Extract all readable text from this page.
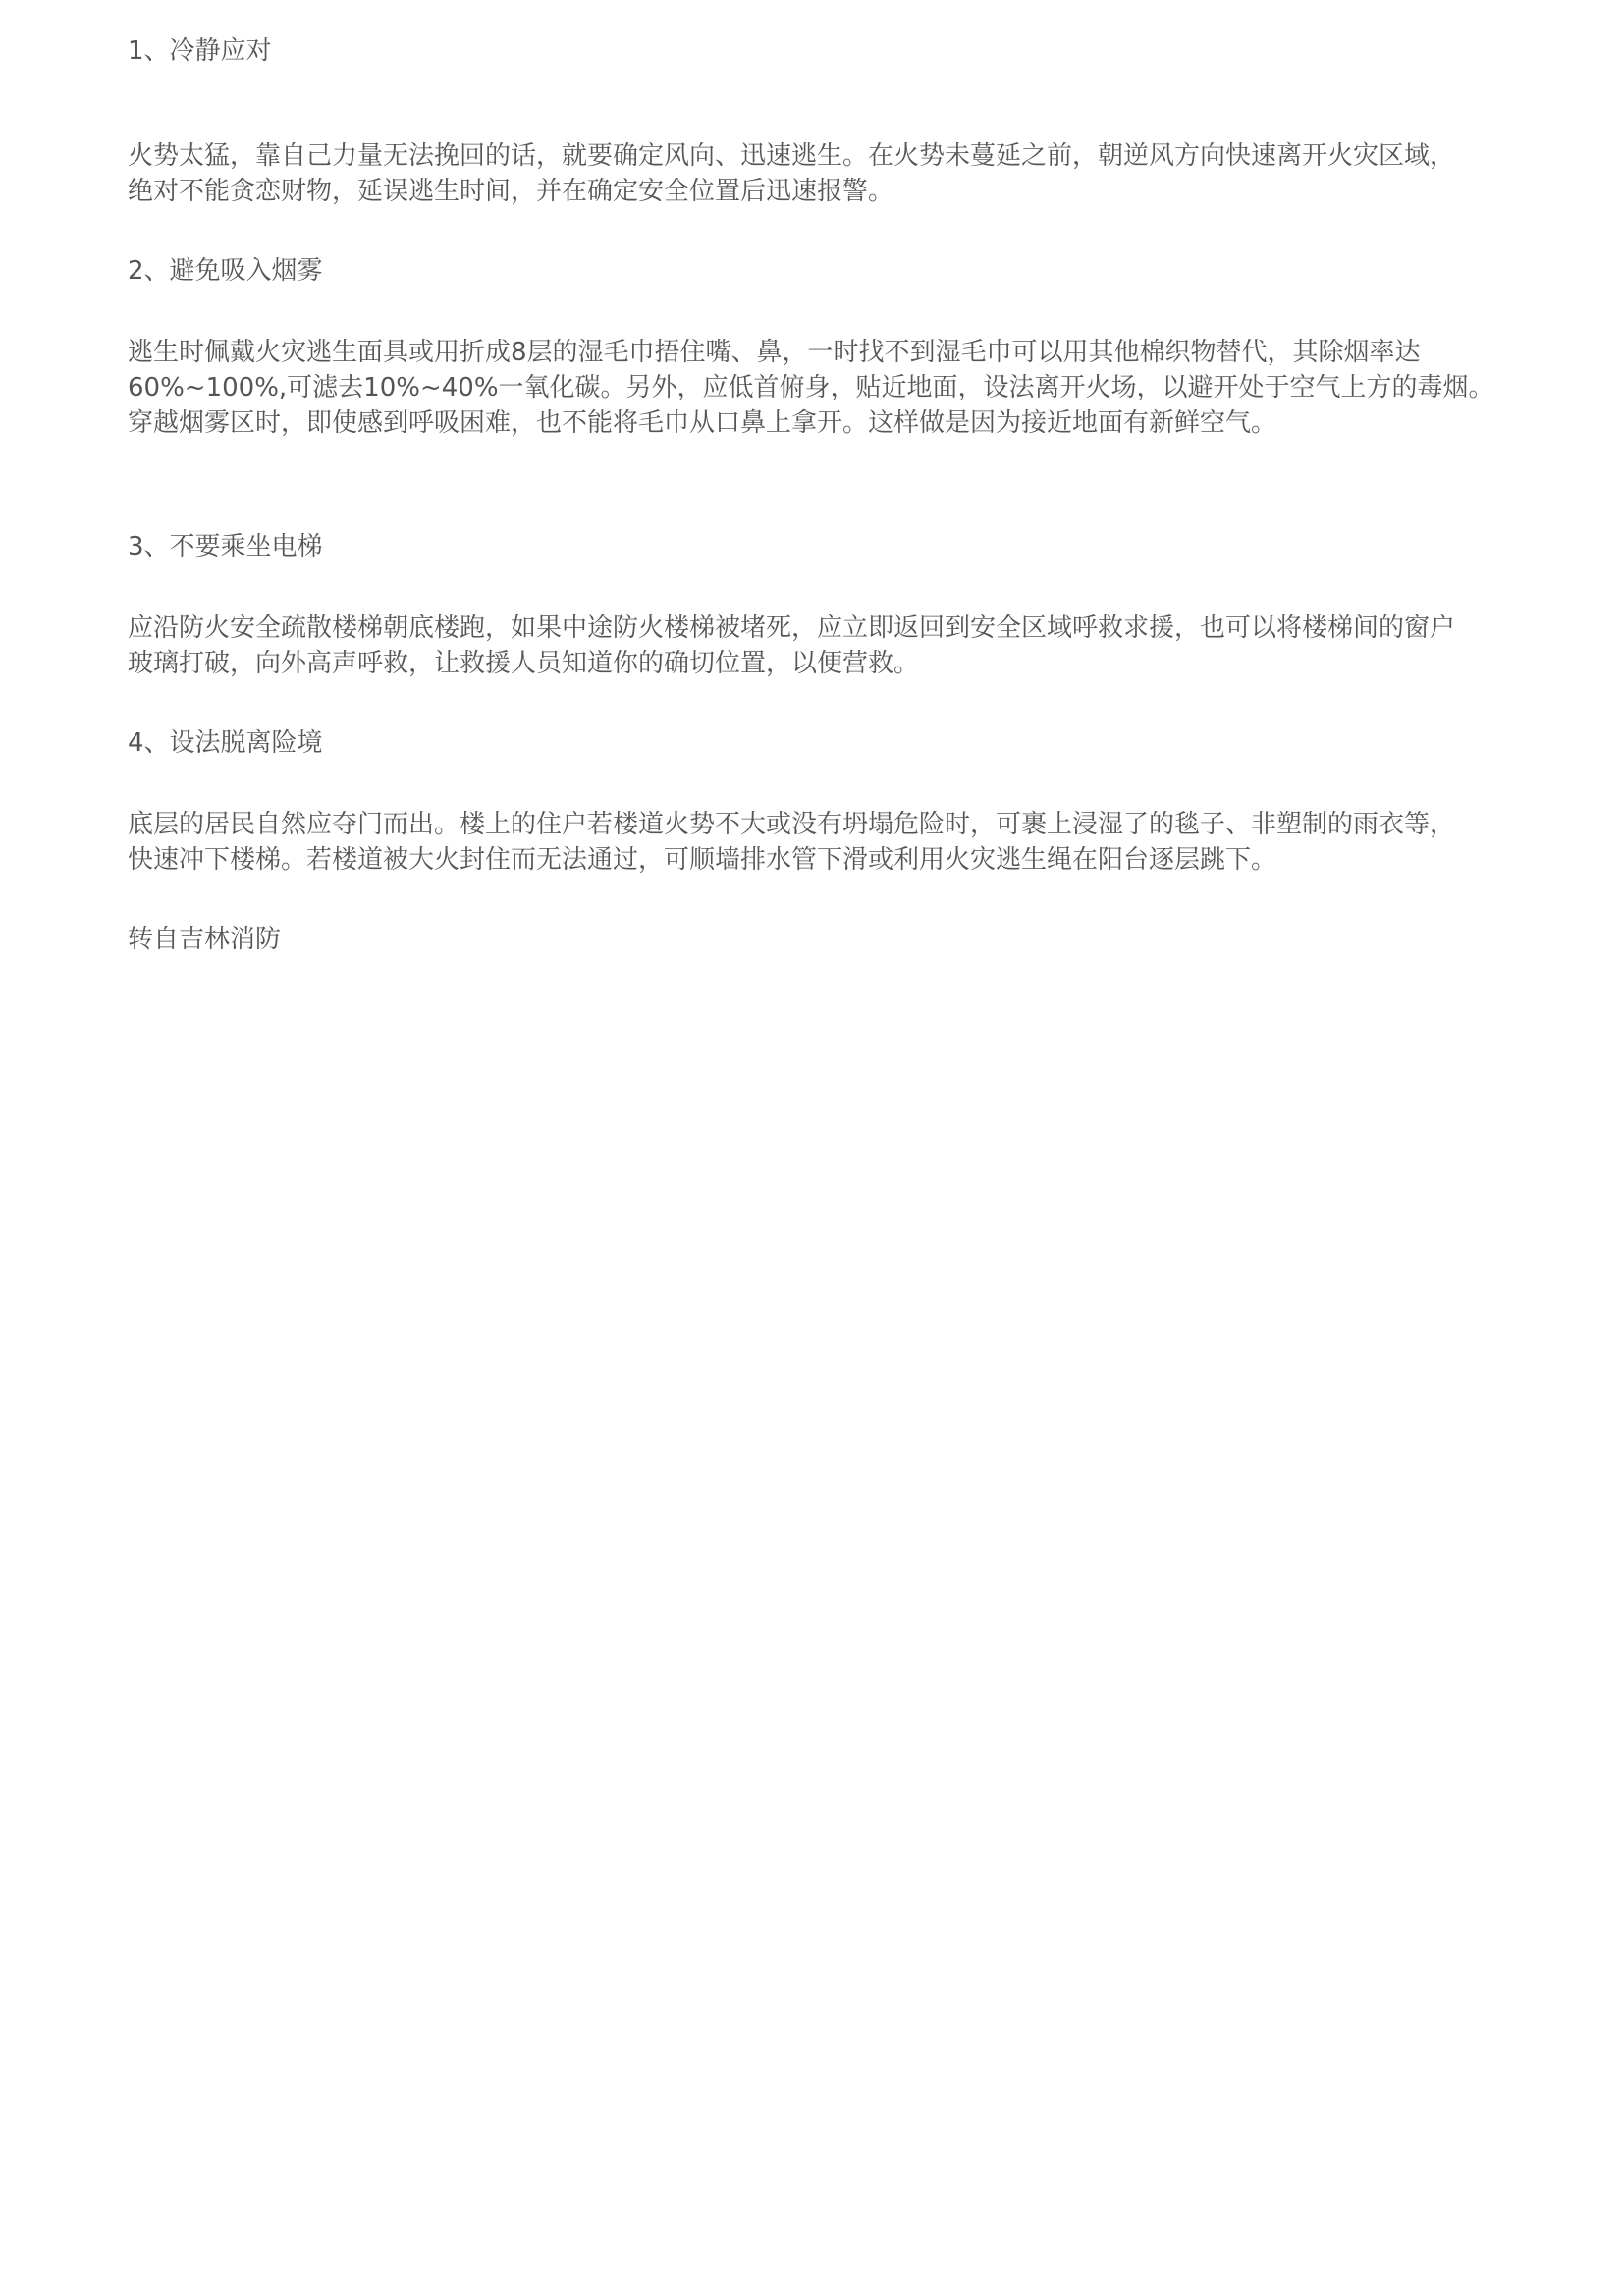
1、冷静应对
火势太猛，靠自己力量无法挽回的话，就要确定风向、迅速逃生。在火势未蔓延之前，朝逆风方向快速离开火灾区域，
绝对不能贪恋财物，延误逃生时间，并在确定安全位置后迅速报警。
2、避免吸入烟雾
逃生时佩戴火灾逃生面具或用折成8层的湿毛巾捂住嘴、鼻，一时找不到湿毛巾可以用其他棉织物替代，其除烟率达
60%~100%,可滤去10%~40%一氧化碳。另外，应低首俯身，贴近地面，设法离开火场，以避开处于空气上方的毒烟。
穿越烟雾区时，即使感到呼吸困难，也不能将毛巾从口鼻上拿开。这样做是因为接近地面有新鲜空气。
3、不要乘坐电梯
应沿防火安全疏散楼梯朝底楼跑，如果中途防火楼梯被堵死，应立即返回到安全区域呼救求援，也可以将楼梯间的窗户
玻璃打破，向外高声呼救，让救援人员知道你的确切位置，以便营救。
4、设法脱离险境
底层的居民自然应夺门而出。楼上的住户若楼道火势不大或没有坍塌危险时，可裹上浸湿了的毯子、非塑制的雨衣等，
快速冲下楼梯。若楼道被大火封住而无法通过，可顺墙排水管下滑或利用火灾逃生绳在阳台逐层跳下。
转自吉林消防
